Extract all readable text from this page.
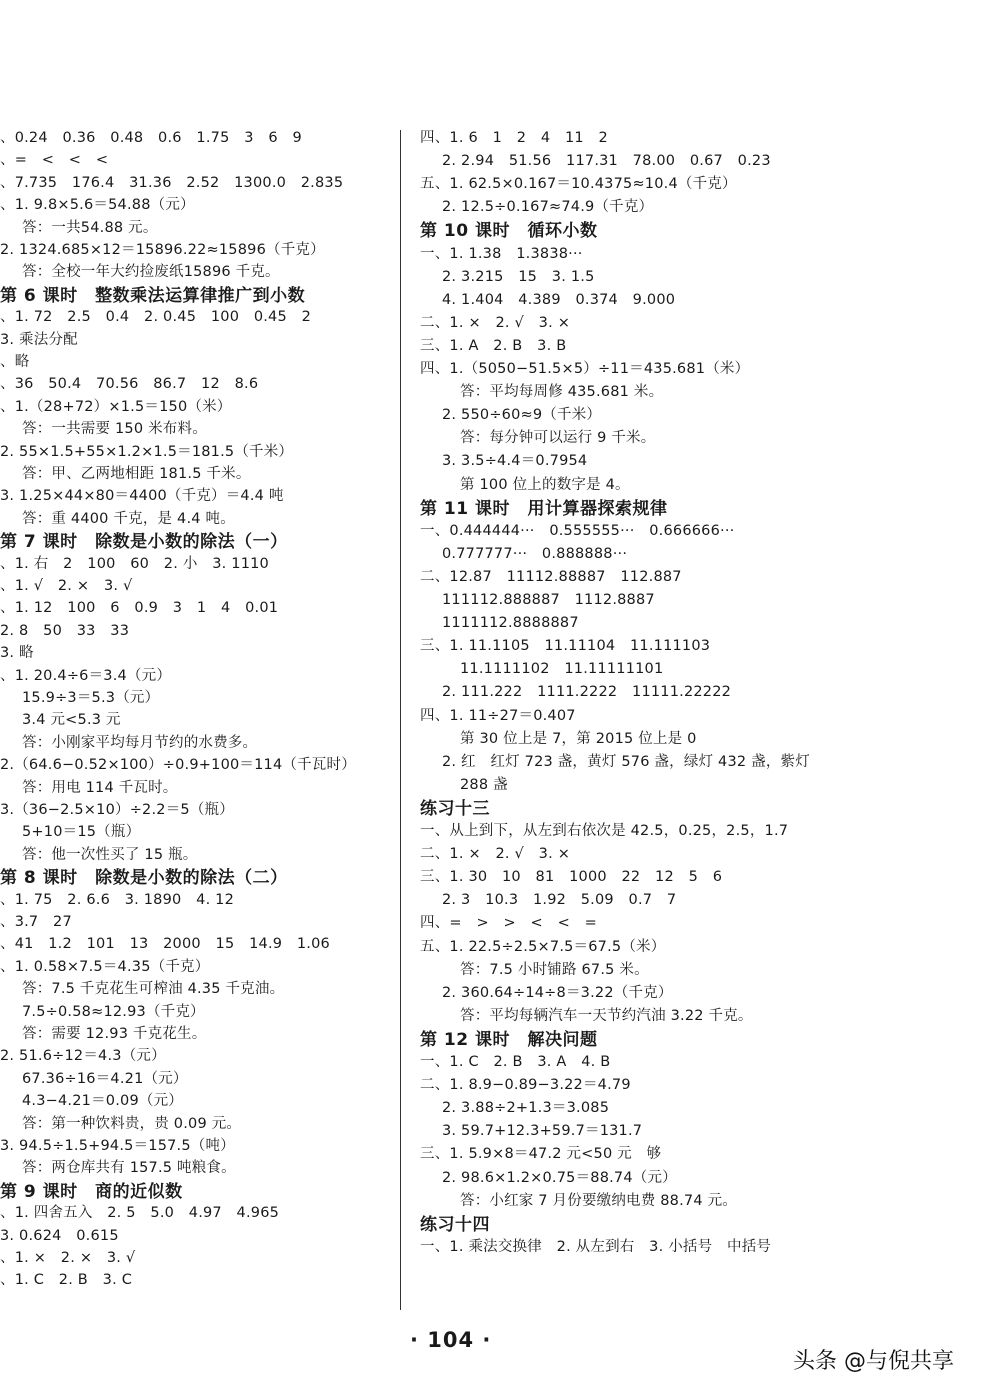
、0.24　0.36　0.48　0.6　1.75　3　6　9
、=　<　<　<
、7.735　176.4　31.36　2.52　1300.0　2.835
、1. 9.8×5.6＝54.88（元）
答：一共54.88 元。
2. 1324.685×12＝15896.22≈15896（千克）
答：全校一年大约捡废纸15896 千克。
第 6 课时　整数乘法运算律推广到小数
、1. 72　2.5　0.4　2. 0.45　100　0.45　2
3. 乘法分配
、略
、36　50.4　70.56　86.7　12　8.6
、1.（28+72）×1.5＝150（米）
答：一共需要 150 米布料。
2. 55×1.5+55×1.2×1.5＝181.5（千米）
答：甲、乙两地相距 181.5 千米。
3. 1.25×44×80＝4400（千克）＝4.4 吨
答：重 4400 千克，是 4.4 吨。
第 7 课时　除数是小数的除法（一）
、1. 右　2　100　60　2. 小　3. 1110
、1. √　2. ×　3. √
、1. 12　100　6　0.9　3　1　4　0.01
2. 8　50　33　33
3. 略
、1. 20.4÷6＝3.4（元）
15.9÷3＝5.3（元）
3.4 元<5.3 元
答：小刚家平均每月节约的水费多。
2.（64.6−0.52×100）÷0.9+100＝114（千瓦时）
答：用电 114 千瓦时。
3.（36−2.5×10）÷2.2＝5（瓶）
5+10＝15（瓶）
答：他一次性买了 15 瓶。
第 8 课时　除数是小数的除法（二）
、1. 75　2. 6.6　3. 1890　4. 12
、3.7　27
、41　1.2　101　13　2000　15　14.9　1.06
、1. 0.58×7.5＝4.35（千克）
答：7.5 千克花生可榨油 4.35 千克油。
7.5÷0.58≈12.93（千克）
答：需要 12.93 千克花生。
2. 51.6÷12＝4.3（元）
67.36÷16＝4.21（元）
4.3−4.21＝0.09（元）
答：第一种饮料贵，贵 0.09 元。
3. 94.5÷1.5+94.5＝157.5（吨）
答：两仓库共有 157.5 吨粮食。
第 9 课时　商的近似数
、1. 四舍五入　2. 5　5.0　4.97　4.965
3. 0.624　0.615
、1. ×　2. ×　3. √
、1. C　2. B　3. C
四、1. 6　1　2　4　11　2
2. 2.94　51.56　117.31　78.00　0.67　0.23
五、1. 62.5×0.167＝10.4375≈10.4（千克）
2. 12.5÷0.167≈74.9（千克）
第 10 课时　循环小数
一、1. 1.38　1.3838···
2. 3.215　15　3. 1.5
4. 1.404　4.389　0.374　9.000
二、1. ×　2. √　3. ×
三、1. A　2. B　3. B
四、1.（5050−51.5×5）÷11＝435.681（米）
答：平均每周修 435.681 米。
2. 550÷60≈9（千米）
答：每分钟可以运行 9 千米。
3. 3.5÷4.4＝0.7954
第 100 位上的数字是 4。
第 11 课时　用计算器探索规律
一、0.444444···　0.555555···　0.666666···
0.777777···　0.888888···
二、12.87　11112.88887　112.887
111112.888887　1112.8887
1111112.8888887
三、1. 11.1105　11.11104　11.111103
11.1111102　11.11111101
2. 111.222　1111.2222　11111.22222
四、1. 11÷27＝0.407
第 30 位上是 7，第 2015 位上是 0
2. 红　红灯 723 盏，黄灯 576 盏，绿灯 432 盏，紫灯
288 盏
练习十三
一、从上到下，从左到右依次是 42.5，0.25，2.5，1.7
二、1. ×　2. √　3. ×
三、1. 30　10　81　1000　22　12　5　6
2. 3　10.3　1.92　5.09　0.7　7
四、=　>　>　<　<　=
五、1. 22.5÷2.5×7.5＝67.5（米）
答：7.5 小时铺路 67.5 米。
2. 360.64÷14÷8＝3.22（千克）
答：平均每辆汽车一天节约汽油 3.22 千克。
第 12 课时　解决问题
一、1. C　2. B　3. A　4. B
二、1. 8.9−0.89−3.22＝4.79
2. 3.88÷2+1.3＝3.085
3. 59.7+12.3+59.7＝131.7
三、1. 5.9×8＝47.2 元<50 元　够
2. 98.6×1.2×0.75＝88.74（元）
答：小红家 7 月份要缴纳电费 88.74 元。
练习十四
一、1. 乘法交换律　2. 从左到右　3. 小括号　中括号
· 104 ·
头条 @与倪共享
